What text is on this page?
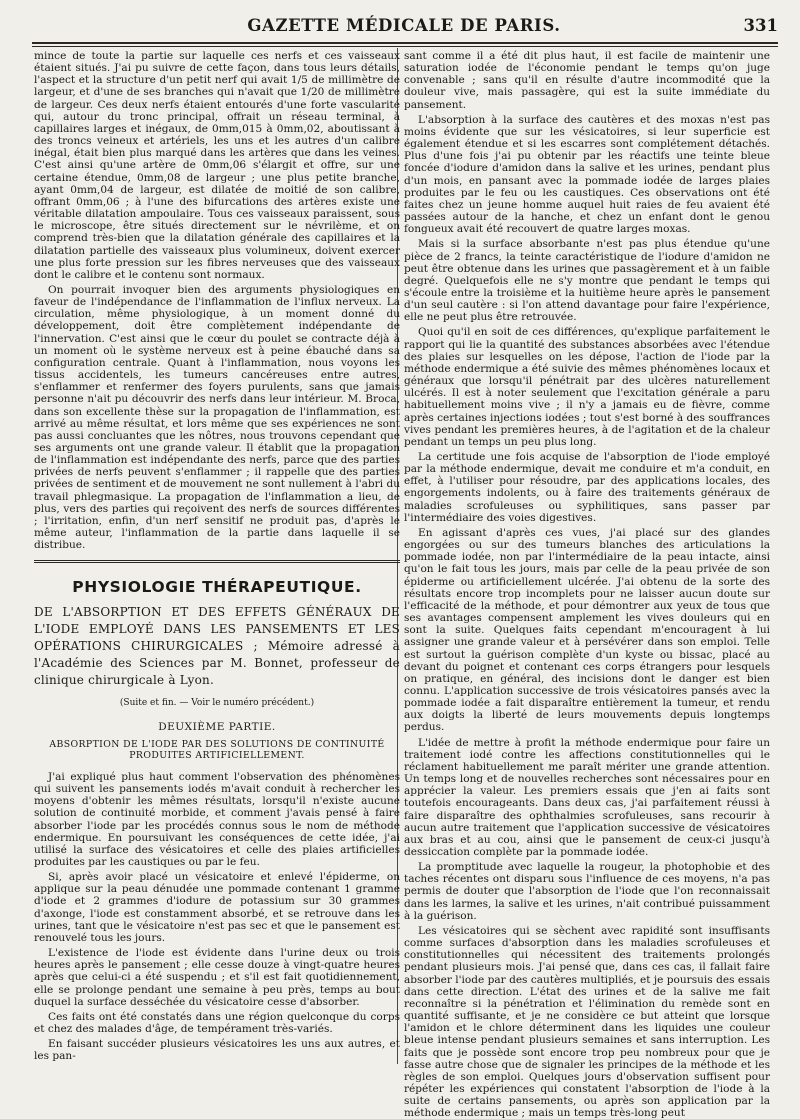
GAZETTE MÉDICALE DE PARIS.	331

mince de toute la partie sur laquelle ces nerfs et ces vaisseaux étaient situés. J'ai pu suivre de cette façon, dans tous leurs détails, l'aspect et la structure d'un petit nerf qui avait 1/5 de millimètre de largeur, et d'une de ses branches qui n'avait que 1/20 de millimètre de largeur. Ces deux nerfs étaient entourés d'une forte vascularité qui, autour du tronc principal, offrait un réseau terminal, à capillaires larges et inégaux, de 0mm,015 à 0mm,02, aboutissant à des troncs veineux et artériels, les uns et les autres d'un calibre inégal, était bien plus marqué dans les artères que dans les veines. C'est ainsi qu'une artère de 0mm,06 s'élargit et offre, sur une certaine étendue, 0mm,08 de largeur ; une plus petite branche, ayant 0mm,04 de largeur, est dilatée de moitié de son calibre, offrant 0mm,06 ; à l'une des bifurcations des artères existe une véritable dilatation ampoulaire. Tous ces vaisseaux paraissent, sous le microscope, être situés directement sur le névrilème, et on comprend très-bien que la dilatation générale des capillaires et la dilatation partielle des vaisseaux plus volumineux, doivent exercer une plus forte pression sur les fibres nerveuses que des vaisseaux dont le calibre et le contenu sont normaux.

On pourrait invoquer bien des arguments physiologiques en faveur de l'indépendance de l'inflammation de l'influx nerveux. La circulation, même physiologique, à un moment donné du développement, doit être complètement indépendante de l'innervation. C'est ainsi que le cœur du poulet se contracte déjà à un moment où le système nerveux est à peine ébauché dans sa configuration centrale. Quant à l'inflammation, nous voyons les tissus accidentels, les tumeurs cancéreuses entre autres, s'enflammer et renfermer des foyers purulents, sans que jamais personne n'ait pu découvrir des nerfs dans leur intérieur. M. Broca, dans son excellente thèse sur la propagation de l'inflammation, est arrivé au même résultat, et lors même que ses expériences ne sont pas aussi concluantes que les nôtres, nous trouvons cependant que ses arguments ont une grande valeur. Il établit que la propagation de l'inflammation est indépendante des nerfs, parce que des parties privées de nerfs peuvent s'enflammer ; il rappelle que des parties privées de sentiment et de mouvement ne sont nullement à l'abri du travail phlegmasique. La propagation de l'inflammation a lieu, de plus, vers des parties qui reçoivent des nerfs de sources différentes ; l'irritation, enfin, d'un nerf sensitif ne produit pas, d'après le même auteur, l'inflammation de la partie dans laquelle il se distribue.

PHYSIOLOGIE THÉRAPEUTIQUE.
DE L'ABSORPTION ET DES EFFETS GÉNÉRAUX DE L'IODE EMPLOYÉ DANS LES PANSEMENTS ET LES OPÉRATIONS CHIRURGICALES ; Mémoire adressé à l'Académie des Sciences par M. Bonnet, professeur de clinique chirurgicale à Lyon.
(Suite et fin. — Voir le numéro précédent.)
DEUXIÈME PARTIE.
ABSORPTION DE L'IODE PAR DES SOLUTIONS DE CONTINUITÉ PRODUITES ARTIFICIELLEMENT.

J'ai expliqué plus haut comment l'observation des phénomènes qui suivent les pansements iodés m'avait conduit à rechercher les moyens d'obtenir les mêmes résultats, lorsqu'il n'existe aucune solution de continuité morbide, et comment j'avais pensé à faire absorber l'iode par les procédés connus sous le nom de méthode endermique. En poursuivant les conséquences de cette idée, j'ai utilisé la surface des vésicatoires et celle des plaies artificielles produites par les caustiques ou par le feu.

Si, après avoir placé un vésicatoire et enlevé l'épiderme, on applique sur la peau dénudée une pommade contenant 1 gramme d'iode et 2 grammes d'iodure de potassium sur 30 grammes d'axonge, l'iode est constamment absorbé, et se retrouve dans les urines, tant que le vésicatoire n'est pas sec et que le pansement est renouvelé tous les jours.

L'existence de l'iode est évidente dans l'urine deux ou trois heures après le pansement ; elle cesse douze à vingt-quatre heures après que celui-ci a été suspendu ; et s'il est fait quotidiennement, elle se prolonge pendant une semaine à peu près, temps au bout duquel la surface desséchée du vésicatoire cesse d'absorber.

Ces faits ont été constatés dans une région quelconque du corps et chez des malades d'âge, de tempérament très-variés.

En faisant succéder plusieurs vésicatoires les uns aux autres, et les pan-

sant comme il a été dit plus haut, il est facile de maintenir une saturation iodée de l'économie pendant le temps qu'on juge convenable ; sans qu'il en résulte d'autre incommodité que la douleur vive, mais passagère, qui est la suite immédiate du pansement.

L'absorption à la surface des cautères et des moxas n'est pas moins évidente que sur les vésicatoires, si leur superficie est également étendue et si les escarres sont complétement détachés. Plus d'une fois j'ai pu obtenir par les réactifs une teinte bleue foncée d'iodure d'amidon dans la salive et les urines, pendant plus d'un mois, en pansant avec la pommade iodée de larges plaies produites par le feu ou les caustiques. Ces observations ont été faites chez un jeune homme auquel huit raies de feu avaient été passées autour de la hanche, et chez un enfant dont le genou fongueux avait été recouvert de quatre larges moxas.

Mais si la surface absorbante n'est pas plus étendue qu'une pièce de 2 francs, la teinte caractéristique de l'iodure d'amidon ne peut être obtenue dans les urines que passagèrement et à un faible degré. Quelquefois elle ne s'y montre que pendant le temps qui s'écoule entre la troisième et la huitième heure après le pansement d'un seul cautère : si l'on attend davantage pour faire l'expérience, elle ne peut plus être retrouvée.

Quoi qu'il en soit de ces différences, qu'explique parfaitement le rapport qui lie la quantité des substances absorbées avec l'étendue des plaies sur lesquelles on les dépose, l'action de l'iode par la méthode endermique a été suivie des mêmes phénomènes locaux et généraux que lorsqu'il pénétrait par des ulcères naturellement ulcérés. Il est à noter seulement que l'excitation générale a paru habituellement moins vive ; il n'y a jamais eu de fièvre, comme après certaines injections iodées ; tout s'est borné à des souffrances vives pendant les premières heures, à de l'agitation et de la chaleur pendant un temps un peu plus long.

La certitude une fois acquise de l'absorption de l'iode employé par la méthode endermique, devait me conduire et m'a conduit, en effet, à l'utiliser pour résoudre, par des applications locales, des engorgements indolents, ou à faire des traitements généraux de maladies scrofuleuses ou syphilitiques, sans passer par l'intermédiaire des voies digestives.

En agissant d'après ces vues, j'ai placé sur des glandes engorgées ou sur des tumeurs blanches des articulations la pommade iodée, non par l'intermédiaire de la peau intacte, ainsi qu'on le fait tous les jours, mais par celle de la peau privée de son épiderme ou artificiellement ulcérée. J'ai obtenu de la sorte des résultats encore trop incomplets pour ne laisser aucun doute sur l'efficacité de la méthode, et pour démontrer aux yeux de tous que ses avantages compensent amplement les vives douleurs qui en sont la suite. Quelques faits cependant m'encouragent à lui assigner une grande valeur et à persévérer dans son emploi. Telle est surtout la guérison complète d'un kyste ou bissac, placé au devant du poignet et contenant ces corps étrangers pour lesquels on pratique, en général, des incisions dont le danger est bien connu. L'application successive de trois vésicatoires pansés avec la pommade iodée a fait disparaître entièrement la tumeur, et rendu aux doigts la liberté de leurs mouvements depuis longtemps perdus.

L'idée de mettre à profit la méthode endermique pour faire un traitement iodé contre les affections constitutionnelles qui le réclament habituellement me paraît mériter une grande attention. Un temps long et de nouvelles recherches sont nécessaires pour en apprécier la valeur. Les premiers essais que j'en ai faits sont toutefois encourageants. Dans deux cas, j'ai parfaitement réussi à faire disparaître des ophthalmies scrofuleuses, sans recourir à aucun autre traitement que l'application successive de vésicatoires aux bras et au cou, ainsi que le pansement de ceux-ci jusqu'à dessiccation complète par la pommade iodée.

La promptitude avec laquelle la rougeur, la photophobie et des taches récentes ont disparu sous l'influence de ces moyens, n'a pas permis de douter que l'absorption de l'iode que l'on reconnaissait dans les larmes, la salive et les urines, n'ait contribué puissamment à la guérison.

Les vésicatoires qui se sèchent avec rapidité sont insuffisants comme surfaces d'absorption dans les maladies scrofuleuses et constitutionnelles qui nécessitent des traitements prolongés pendant plusieurs mois. J'ai pensé que, dans ces cas, il fallait faire absorber l'iode par des cautères multipliés, et je poursuis des essais dans cette direction. L'état des urines et de la salive me fait reconnaître si la pénétration et l'élimination du remède sont en quantité suffisante, et je ne considère ce but atteint que lorsque l'amidon et le chlore déterminent dans les liquides une couleur bleue intense pendant plusieurs semaines et sans interruption. Les faits que je possède sont encore trop peu nombreux pour que je fasse autre chose que de signaler les principes de la méthode et les règles de son emploi. Quelques jours d'observation suffisent pour répéter les expériences qui constatent l'absorption de l'iode à la suite de certains pansements, ou après son application par la méthode endermique ; mais un temps très-long peut
